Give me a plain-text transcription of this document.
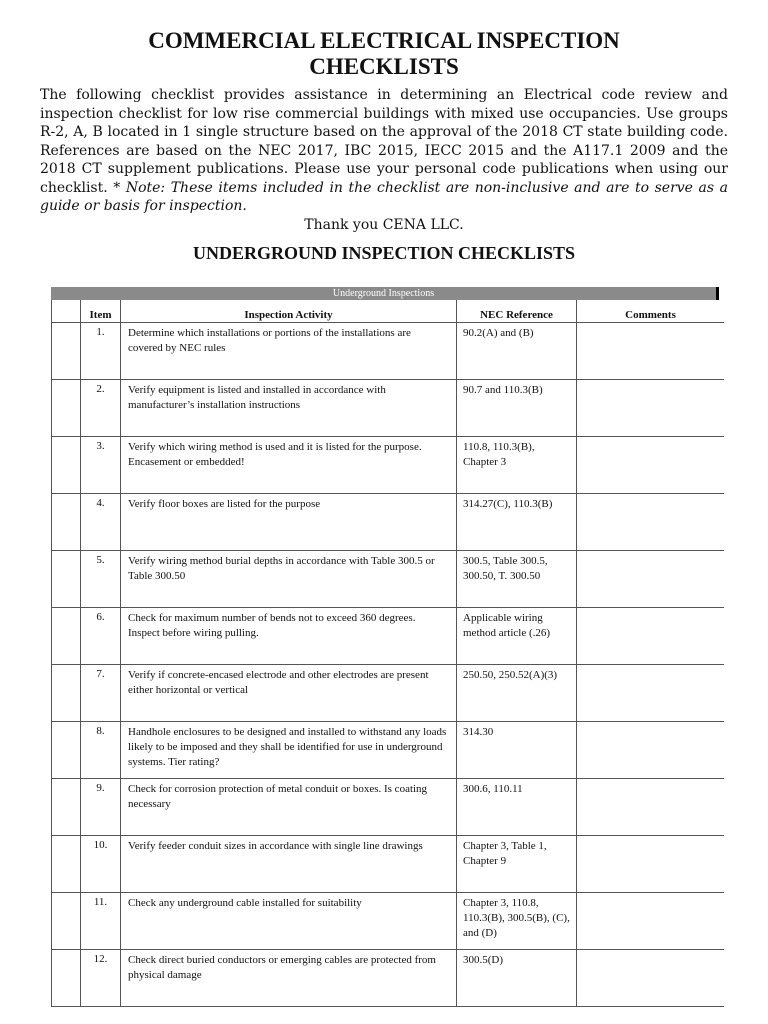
COMMERCIAL ELECTRICAL INSPECTION
CHECKLISTS
The following checklist provides assistance in determining an Electrical code review and inspection checklist for low rise commercial buildings with mixed use occupancies. Use groups R-2, A, B located in 1 single structure based on the approval of the 2018 CT state building code. References are based on the NEC 2017, IBC 2015, IECC 2015 and the A117.1 2009 and the 2018 CT supplement publications. Please use your personal code publications when using our checklist. * Note: These items included in the checklist are non-inclusive and are to serve as a guide or basis for inspection.
Thank you CENA LLC.
UNDERGROUND INSPECTION CHECKLISTS
Underground Inspections
	Item	Inspection Activity	NEC Reference	Comments
	1.	Determine which installations or portions of the installations are covered by NEC rules	90.2(A) and (B)	
	2.	Verify equipment is listed and installed in accordance with manufacturer’s installation instructions	90.7 and 110.3(B)	
	3.	Verify which wiring method is used and it is listed for the purpose. Encasement or embedded!	110.8, 110.3(B), Chapter 3	
	4.	Verify floor boxes are listed for the purpose	314.27(C), 110.3(B)	
	5.	Verify wiring method burial depths in accordance with Table 300.5 or Table 300.50	300.5, Table 300.5, 300.50, T. 300.50	
	6.	Check for maximum number of bends not to exceed 360 degrees. Inspect before wiring pulling.	Applicable wiring method article (.26)	
	7.	Verify if concrete-encased electrode and other electrodes are present either horizontal or vertical	250.50, 250.52(A)(3)	
	8.	Handhole enclosures to be designed and installed to withstand any loads likely to be imposed and they shall be identified for use in underground systems. Tier rating?	314.30	
	9.	Check for corrosion protection of metal conduit or boxes. Is coating necessary	300.6, 110.11	
	10.	Verify feeder conduit sizes in accordance with single line drawings	Chapter 3, Table 1, Chapter 9	
	11.	Check any underground cable installed for suitability	Chapter 3, 110.8, 110.3(B), 300.5(B), (C), and (D)	
	12.	Check direct buried conductors or emerging cables are protected from physical damage	300.5(D)	
